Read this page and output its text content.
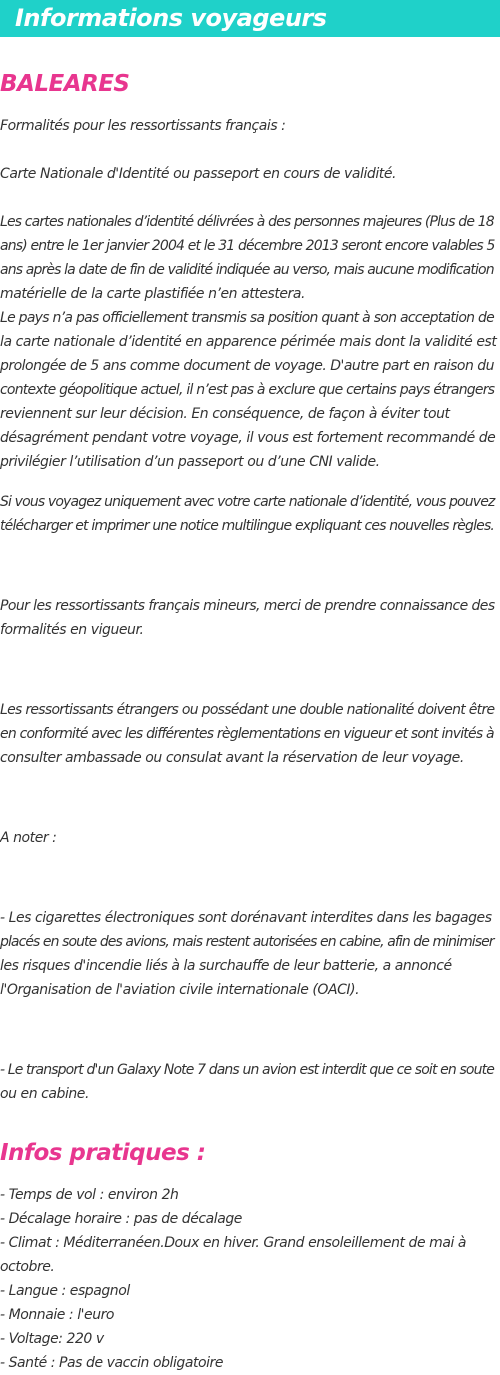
Informations voyageurs
BALEARES

Formalités pour les ressortissants français :

Carte Nationale d'Identité ou passeport en cours de validité.

Les cartes nationales d’identité délivrées à des personnes majeures (Plus de 18
ans) entre le 1er janvier 2004 et le 31 décembre 2013 seront encore valables 5
ans après la date de fin de validité indiquée au verso, mais aucune modification
matérielle de la carte plastifiée n’en attestera.
Le pays n’a pas officiellement transmis sa position quant à son acceptation de
la carte nationale d’identité en apparence périmée mais dont la validité est
prolongée de 5 ans comme document de voyage. D'autre part en raison du
contexte géopolitique actuel, il n’est pas à exclure que certains pays étrangers
reviennent sur leur décision. En conséquence, de façon à éviter tout
désagrément pendant votre voyage, il vous est fortement recommandé de
privilégier l’utilisation d’un passeport ou d’une CNI valide.

Si vous voyagez uniquement avec votre carte nationale d’identité, vous pouvez
télécharger et imprimer une notice multilingue expliquant ces nouvelles règles.

Pour les ressortissants français mineurs, merci de prendre connaissance des
formalités en vigueur.

Les ressortissants étrangers ou possédant une double nationalité doivent être
en conformité avec les différentes règlementations en vigueur et sont invités à
consulter ambassade ou consulat avant la réservation de leur voyage.

A noter :

- Les cigarettes électroniques sont dorénavant interdites dans les bagages
placés en soute des avions, mais restent autorisées en cabine, afin de minimiser
les risques d'incendie liés à la surchauffe de leur batterie, a annoncé
l'Organisation de l'aviation civile internationale (OACI).

- Le transport d'un Galaxy Note 7 dans un avion est interdit que ce soit en soute
ou en cabine.

Infos pratiques :

- Temps de vol : environ 2h
- Décalage horaire : pas de décalage
- Climat : Méditerranéen.Doux en hiver. Grand ensoleillement de mai à
octobre.
- Langue : espagnol
- Monnaie : l'euro
- Voltage: 220 v
- Santé : Pas de vaccin obligatoire
